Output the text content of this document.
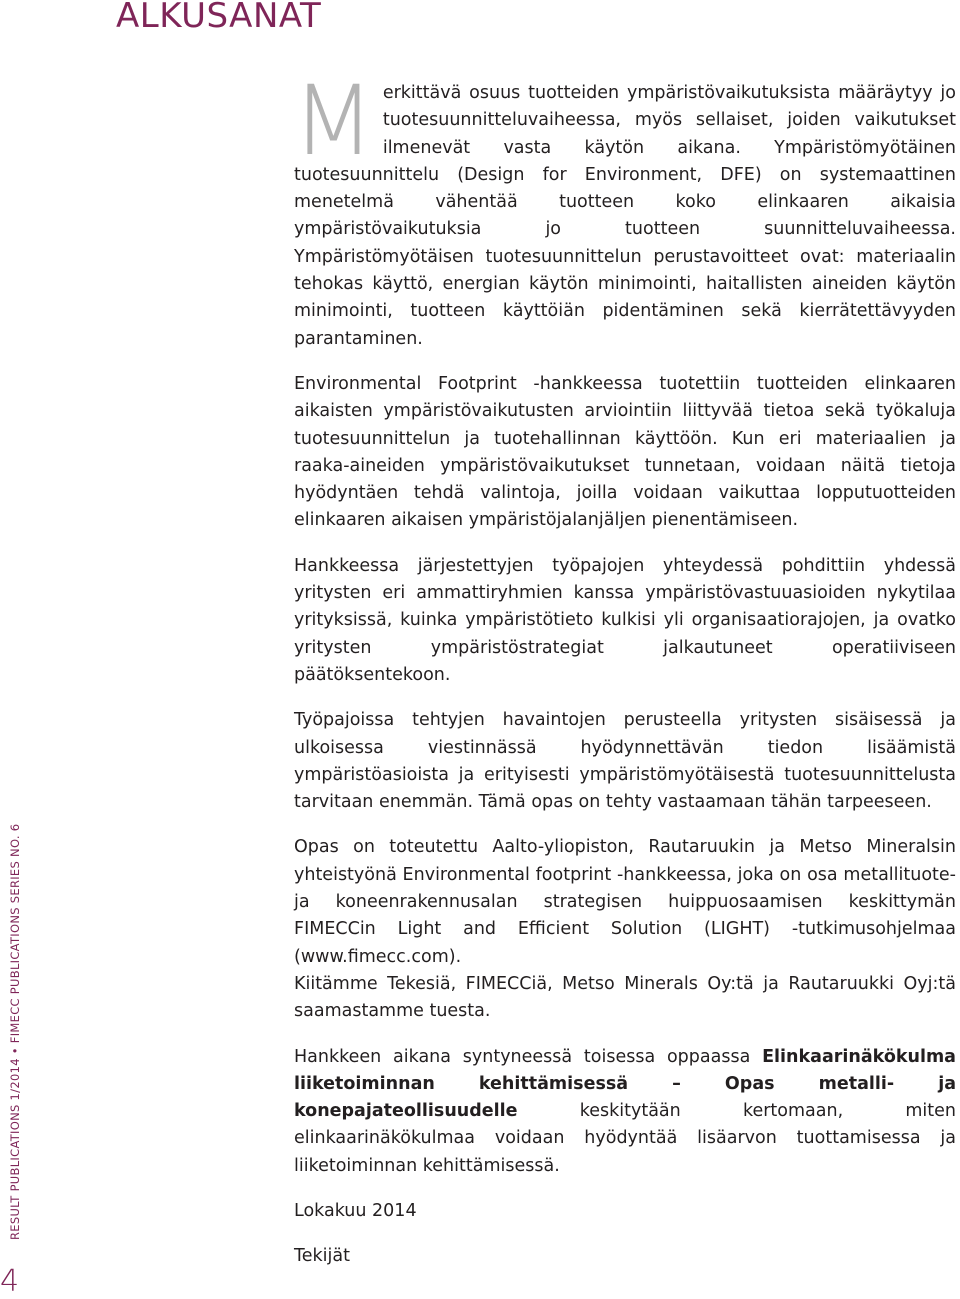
ALKUSANAT
RESULT PUBLICATIONS 1/2014 • FIMECC PUBLICATIONS SERIES NO. 6
4

Merkittävä osuus tuotteiden ympäristövaikutuksista määräytyy jo tuotesuunnitteluvaiheessa, myös sellaiset, joiden vaikutukset ilmenevät vasta käytön aikana. Ympäristömyötäinen tuotesuunnittelu (Design for Environment, DFE) on systemaattinen menetelmä vähentää tuotteen koko elinkaaren aikaisia ympäristövaikutuksia jo tuotteen suunnitteluvaiheessa. Ympäristömyötäisen tuotesuunnittelun perustavoitteet ovat: materiaalin tehokas käyttö, energian käytön minimointi, haitallisten aineiden käytön minimointi, tuotteen käyttöiän pidentäminen sekä kierrätettävyyden parantaminen.

Environmental Footprint -hankkeessa tuotettiin tuotteiden elinkaaren aikaisten ympäristövaikutusten arviointiin liittyvää tietoa sekä työkaluja tuotesuunnittelun ja tuotehallinnan käyttöön. Kun eri materiaalien ja raaka-aineiden ympäristövaikutukset tunnetaan, voidaan näitä tietoja hyödyntäen tehdä valintoja, joilla voidaan vaikuttaa lopputuotteiden elinkaaren aikaisen ympäristöjalanjäljen pienentämiseen.

Hankkeessa järjestettyjen työpajojen yhteydessä pohdittiin yhdessä yritysten eri ammattiryhmien kanssa ympäristövastuuasioiden nykytilaa yrityksissä, kuinka ympäristötieto kulkisi yli organisaatiorajojen, ja ovatko yritysten ympäristöstrategiat jalkautuneet operatiiviseen päätöksentekoon.

Työpajoissa tehtyjen havaintojen perusteella yritysten sisäisessä ja ulkoisessa viestinnässä hyödynnettävän tiedon lisäämistä ympäristöasioista ja erityisesti ympäristömyötäisestä tuotesuunnittelusta tarvitaan enemmän. Tämä opas on tehty vastaamaan tähän tarpeeseen.

Opas on toteutettu Aalto-yliopiston, Rautaruukin ja Metso Mineralsin yhteistyönä Environmental footprint -hankkeessa, joka on osa metallituote- ja koneenrakennusalan strategisen huippuosaamisen keskittymän FIMECCin Light and Efficient Solution (LIGHT) -tutkimusohjelmaa (www.fimecc.com).

Kiitämme Tekesiä, FIMECCiä, Metso Minerals Oy:tä ja Rautaruukki Oyj:tä saamastamme tuesta.

Hankkeen aikana syntyneessä toisessa oppaassa Elinkaarinäkökulma liiketoiminnan kehittämisessä – Opas metalli- ja konepajateollisuudelle keskitytään kertomaan, miten elinkaarinäkökulmaa voidaan hyödyntää lisäarvon tuottamisessa ja liiketoiminnan kehittämisessä.

Lokakuu 2014

Tekijät
